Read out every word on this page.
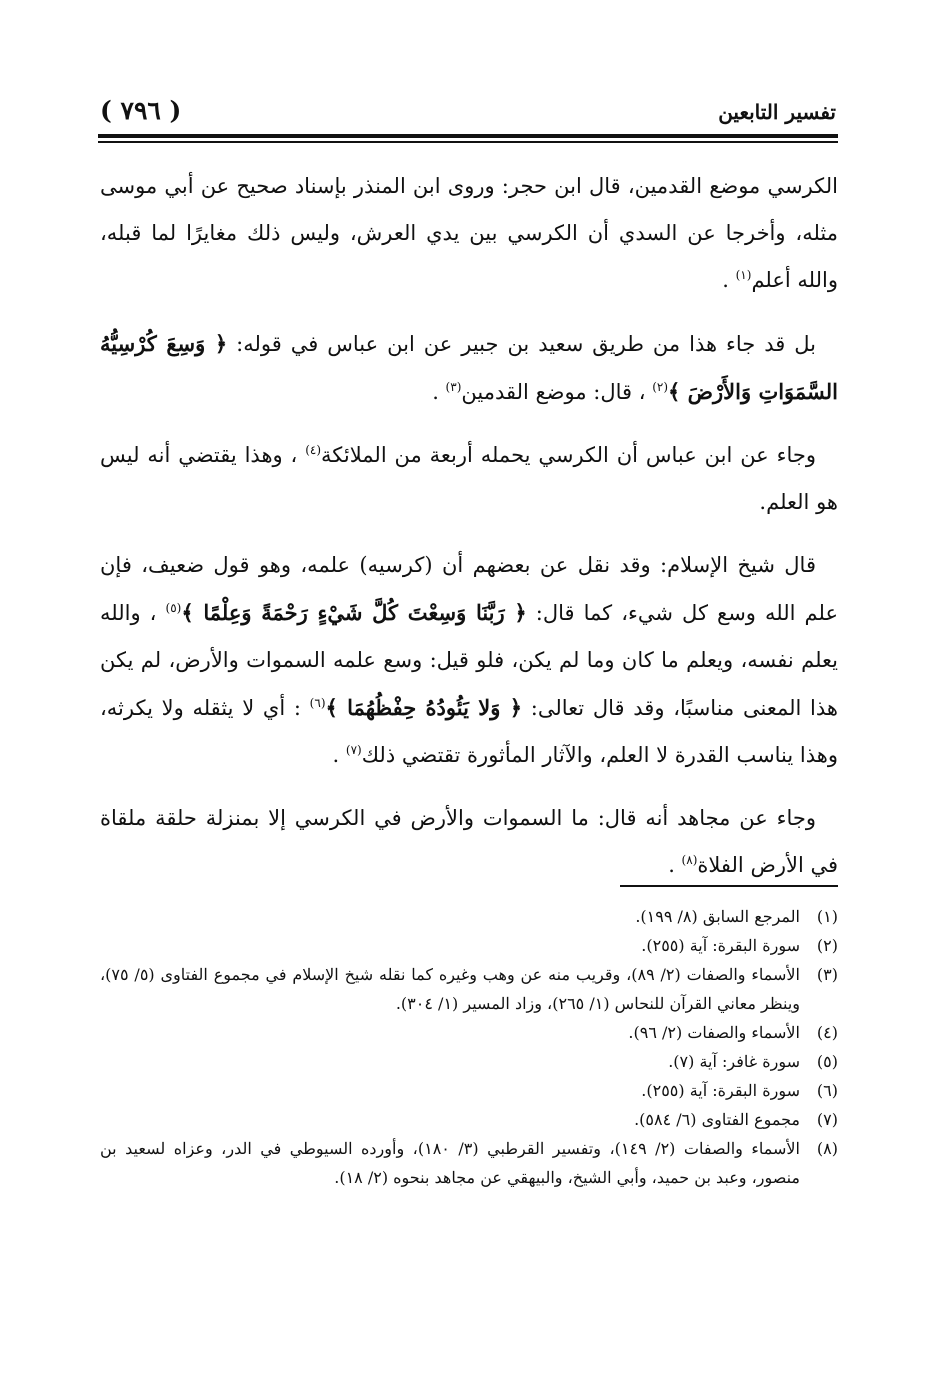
( ٧٩٦ )	تفسير التابعين

الكرسي موضع القدمين، قال ابن حجر: وروى ابن المنذر بإسناد صحيح عن أبي موسى مثله، وأخرجا عن السدي أن الكرسي بين يدي العرش، وليس ذلك مغايرًا لما قبله، والله أعلم$^{(١)}$ .

بل قد جاء هذا من طريق سعيد بن جبير عن ابن عباس في قوله: ﴿ وَسِعَ كُرْسِيُّهُ السَّمَوَاتِ وَالأَرْضَ ﴾$^{(٢)}$ ، قال: موضع القدمين$^{(٣)}$ .

وجاء عن ابن عباس أن الكرسي يحمله أربعة من الملائكة$^{(٤)}$ ، وهذا يقتضي أنه ليس هو العلم.

قال شيخ الإسلام: وقد نقل عن بعضهم أن (كرسيه) علمه، وهو قول ضعيف، فإن علم الله وسع كل شيء، كما قال: ﴿ رَبَّنَا وَسِعْتَ كُلَّ شَيْءٍ رَحْمَةً وَعِلْمًا ﴾$^{(٥)}$ ، والله يعلم نفسه، ويعلم ما كان وما لم يكن، فلو قيل: وسع علمه السموات والأرض، لم يكن هذا المعنى مناسبًا، وقد قال تعالى: ﴿ وَلا يَئُودُهُ حِفْظُهُمَا ﴾$^{(٦)}$ : أي لا يثقله ولا يكرثه، وهذا يناسب القدرة لا العلم، والآثار المأثورة تقتضي ذلك$^{(٧)}$ .

وجاء عن مجاهد أنه قال: ما السموات والأرض في الكرسي إلا بمنزلة حلقة ملقاة في الأرض الفلاة$^{(٨)}$ .

(١)
المرجع السابق (٨/ ١٩٩).
(٢)
سورة البقرة: آية (٢٥٥).
(٣)
الأسماء والصفات (٢/ ٨٩)، وقريب منه عن وهب وغيره كما نقله شيخ الإسلام في مجموع الفتاوى (٥/ ٧٥)، وينظر معاني القرآن للنحاس (١/ ٢٦٥)، وزاد المسير (١/ ٣٠٤).
(٤)
الأسماء والصفات (٢/ ٩٦).
(٥)
سورة غافر: آية (٧).
(٦)
سورة البقرة: آية (٢٥٥).
(٧)
مجموع الفتاوى (٦/ ٥٨٤).
(٨)
الأسماء والصفات (٢/ ١٤٩)، وتفسير القرطبي (٣/ ١٨٠)، وأورده السيوطي في الدر، وعزاه لسعيد بن منصور، وعبد بن حميد، وأبي الشيخ، والبيهقي عن مجاهد بنحوه (٢/ ١٨).
